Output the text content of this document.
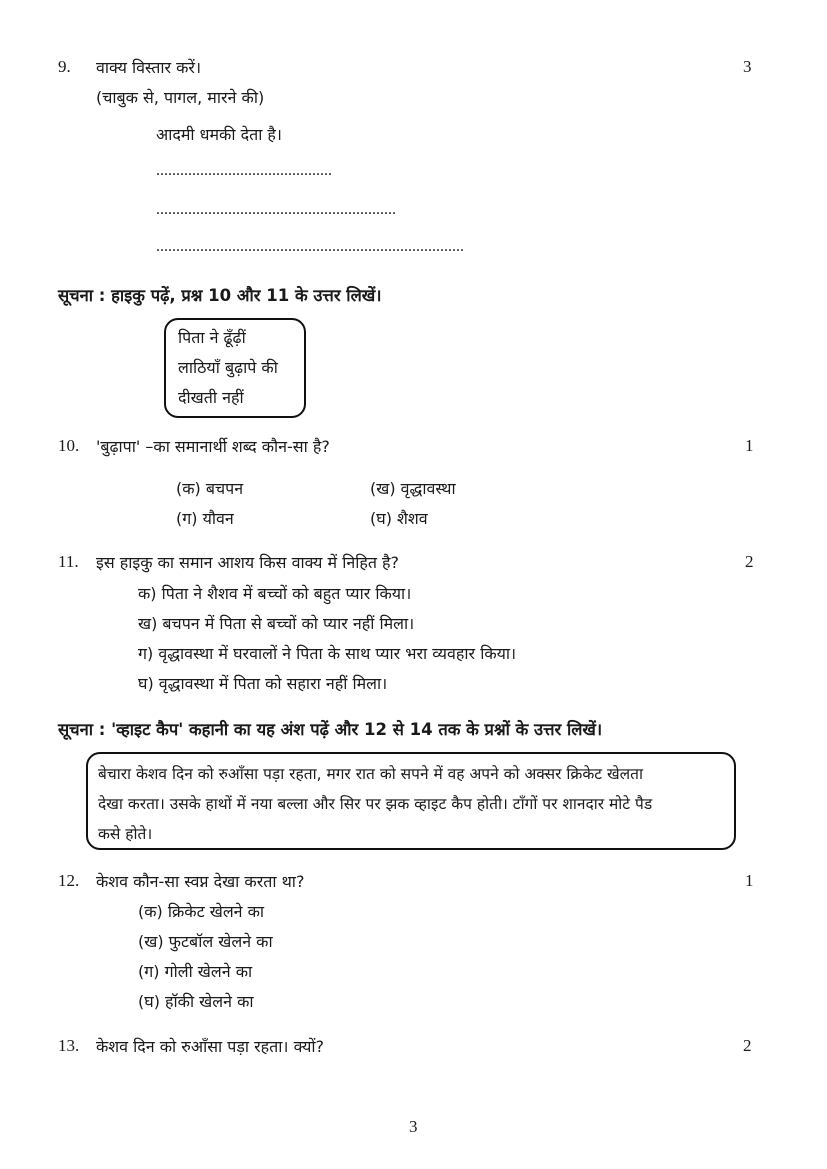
9. वाक्य विस्तार करें।	3
(चाबुक से, पागल, मारने की)
आदमी धमकी देता है।
............................................
............................................................
.............................................................................
सूचना : हाइकु पढ़ें, प्रश्न 10 और 11 के उत्तर लिखें।
पिता ने ढूँढ़ीं
लाठियाँ बुढ़ापे की
दीखती नहीं
10. 'बुढ़ापा' –का समानार्थी शब्द कौन-सा है?	1
(क) बचपन	(ख) वृद्धावस्था
(ग) यौवन	(घ) शैशव
11. इस हाइकु का समान आशय किस वाक्य में निहित है?	2
क) पिता ने शैशव में बच्चों को बहुत प्यार किया।
ख) बचपन में पिता से बच्चों को प्यार नहीं मिला।
ग) वृद्धावस्था में घरवालों ने पिता के साथ प्यार भरा व्यवहार किया।
घ) वृद्धावस्था में पिता को सहारा नहीं मिला।
सूचना : 'व्हाइट कैप' कहानी का यह अंश पढ़ें और 12 से 14 तक के प्रश्नों के उत्तर लिखें।
बेचारा केशव दिन को रुआँसा पड़ा रहता, मगर रात को सपने में वह अपने को अक्सर क्रिकेट खेलता
देखा करता। उसके हाथों में नया बल्ला और सिर पर झक व्हाइट कैप होती। टाँगों पर शानदार मोटे पैड
कसे होते।
12. केशव कौन-सा स्वप्न देखा करता था?	1
(क) क्रिकेट खेलने का
(ख) फुटबॉल खेलने का
(ग) गोली खेलने का
(घ) हॉकी खेलने का
13. केशव दिन को रुआँसा पड़ा रहता। क्यों?	2
3
